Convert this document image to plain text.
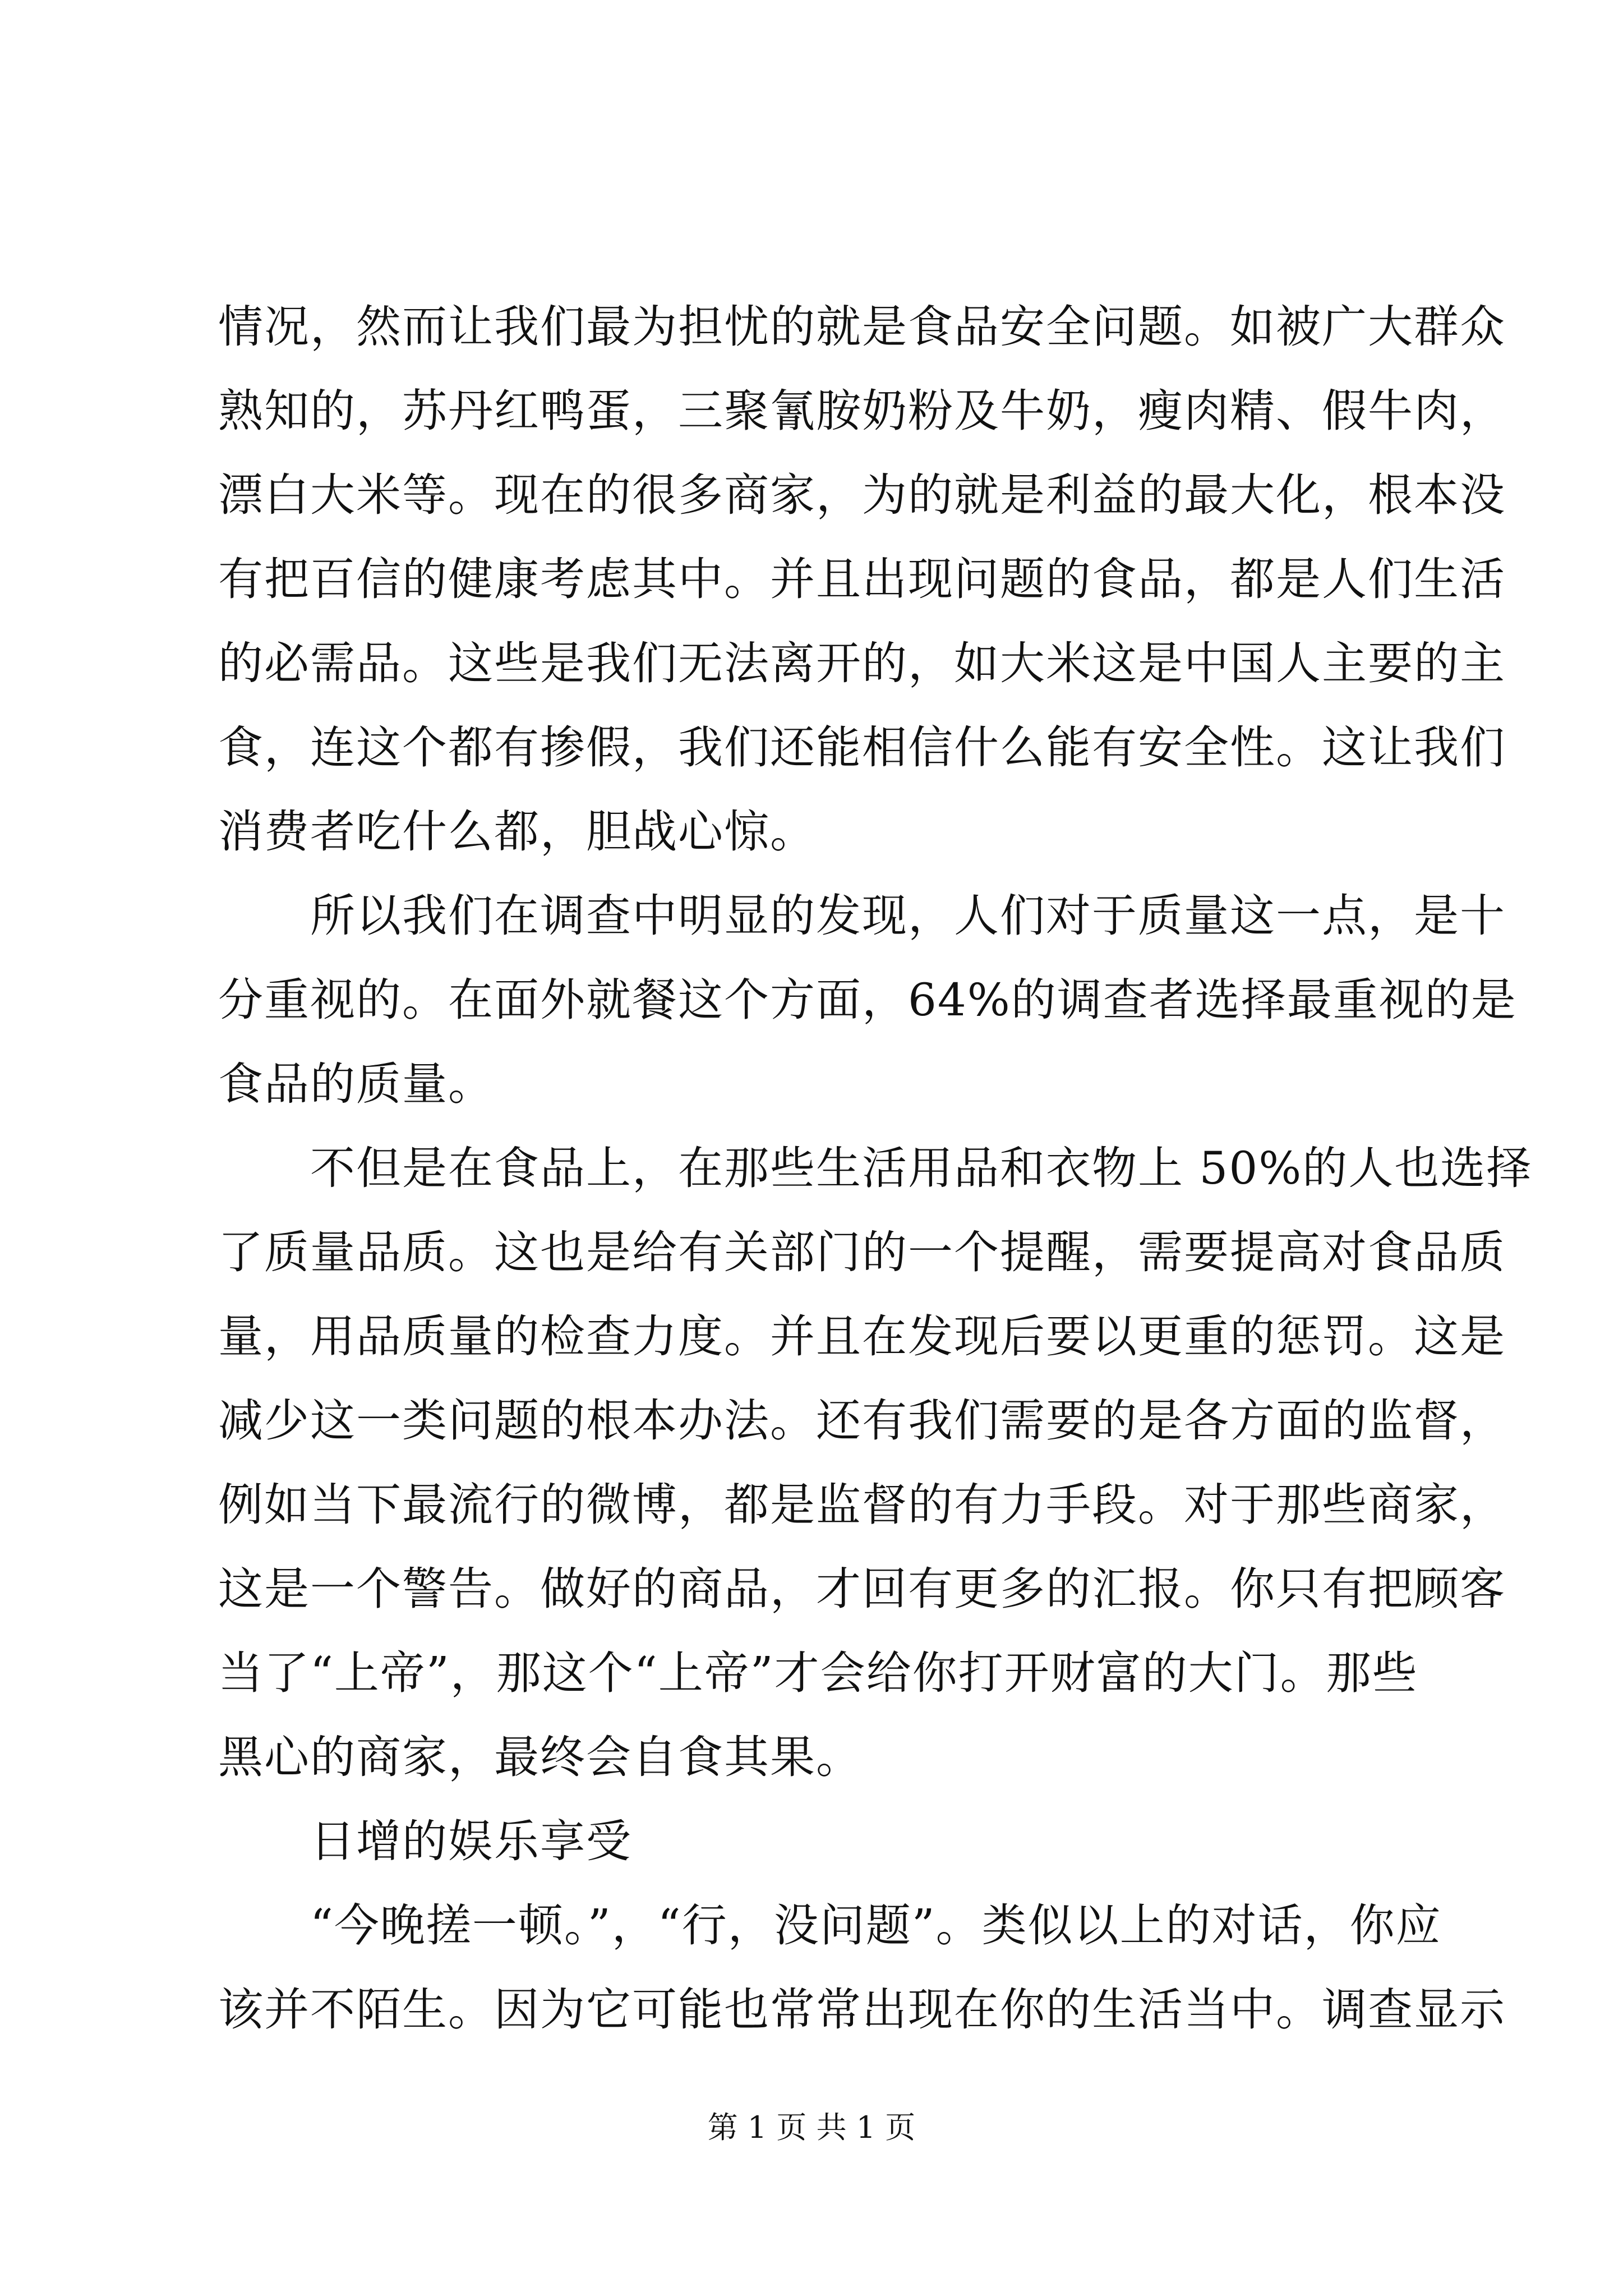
情况，然而让我们最为担忧的就是食品安全问题。如被广大群众
熟知的，苏丹红鸭蛋，三聚氰胺奶粉及牛奶，瘦肉精、假牛肉，
漂白大米等。现在的很多商家，为的就是利益的最大化，根本没
有把百信的健康考虑其中。并且出现问题的食品，都是人们生活
的必需品。这些是我们无法离开的，如大米这是中国人主要的主
食，连这个都有掺假，我们还能相信什么能有安全性。这让我们
消费者吃什么都，胆战心惊。
所以我们在调查中明显的发现，人们对于质量这一点，是十
分重视的。在面外就餐这个方面，64%的调查者选择最重视的是
食品的质量。
不但是在食品上，在那些生活用品和衣物上 50%的人也选择
了质量品质。这也是给有关部门的一个提醒，需要提高对食品质
量，用品质量的检查力度。并且在发现后要以更重的惩罚。这是
减少这一类问题的根本办法。还有我们需要的是各方面的监督，
例如当下最流行的微博，都是监督的有力手段。对于那些商家，
这是一个警告。做好的商品，才回有更多的汇报。你只有把顾客
当了“上帝”，那这个“上帝”才会给你打开财富的大门。那些
黑心的商家，最终会自食其果。
日增的娱乐享受
“今晚搓一顿。”，“行，没问题”。类似以上的对话，你应
该并不陌生。因为它可能也常常出现在你的生活当中。调查显示
第 1 页 共 1 页
